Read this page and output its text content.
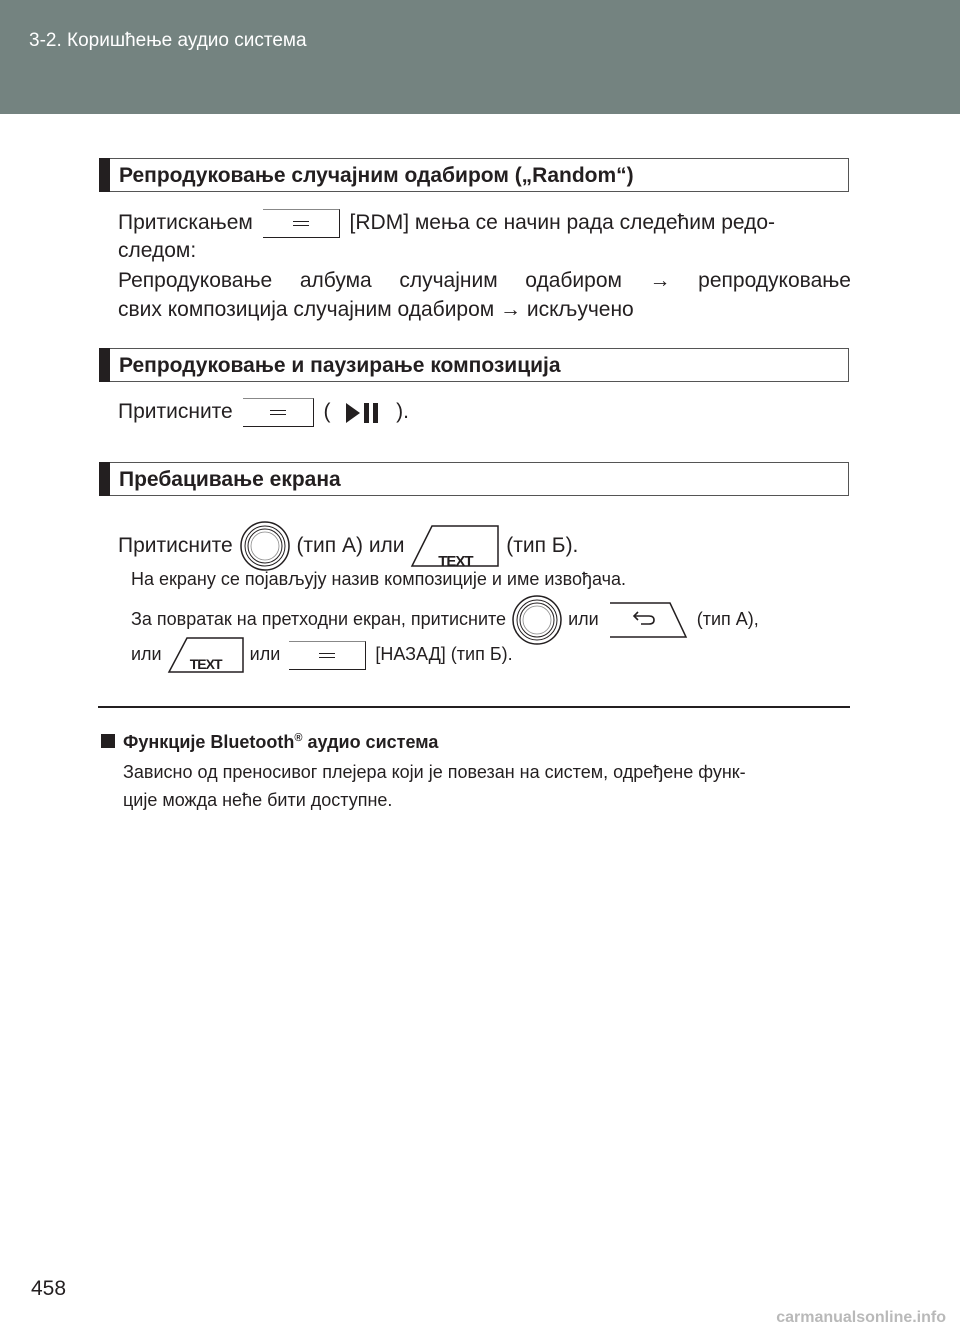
3-2. Коришћење аудио система
Репродуковање случајним одабиром („Random“)
Притискањем	[RDM] мења се начин рада следећим редо-
следом:
Репродуковање албума случајним одабиром → репродуковање
свих композиција случајним одабиром → искључено
Репродуковање и паузирање композиција
Притисните	(	).
Пребацивање екрана
Притисните	(тип А) или
TEXT
(тип Б).
На екрану се појављују назив композиције и име извођача.
За повратак на претходни екран, притисните	или	(тип А),
или
TEXT
или	[НАЗАД] (тип Б).
Функције Bluetooth® аудио система
Зависно од преносивог плејера који је повезан на систем, одређене функ-
ције можда неће бити доступне.
458
carmanualsonline.info
